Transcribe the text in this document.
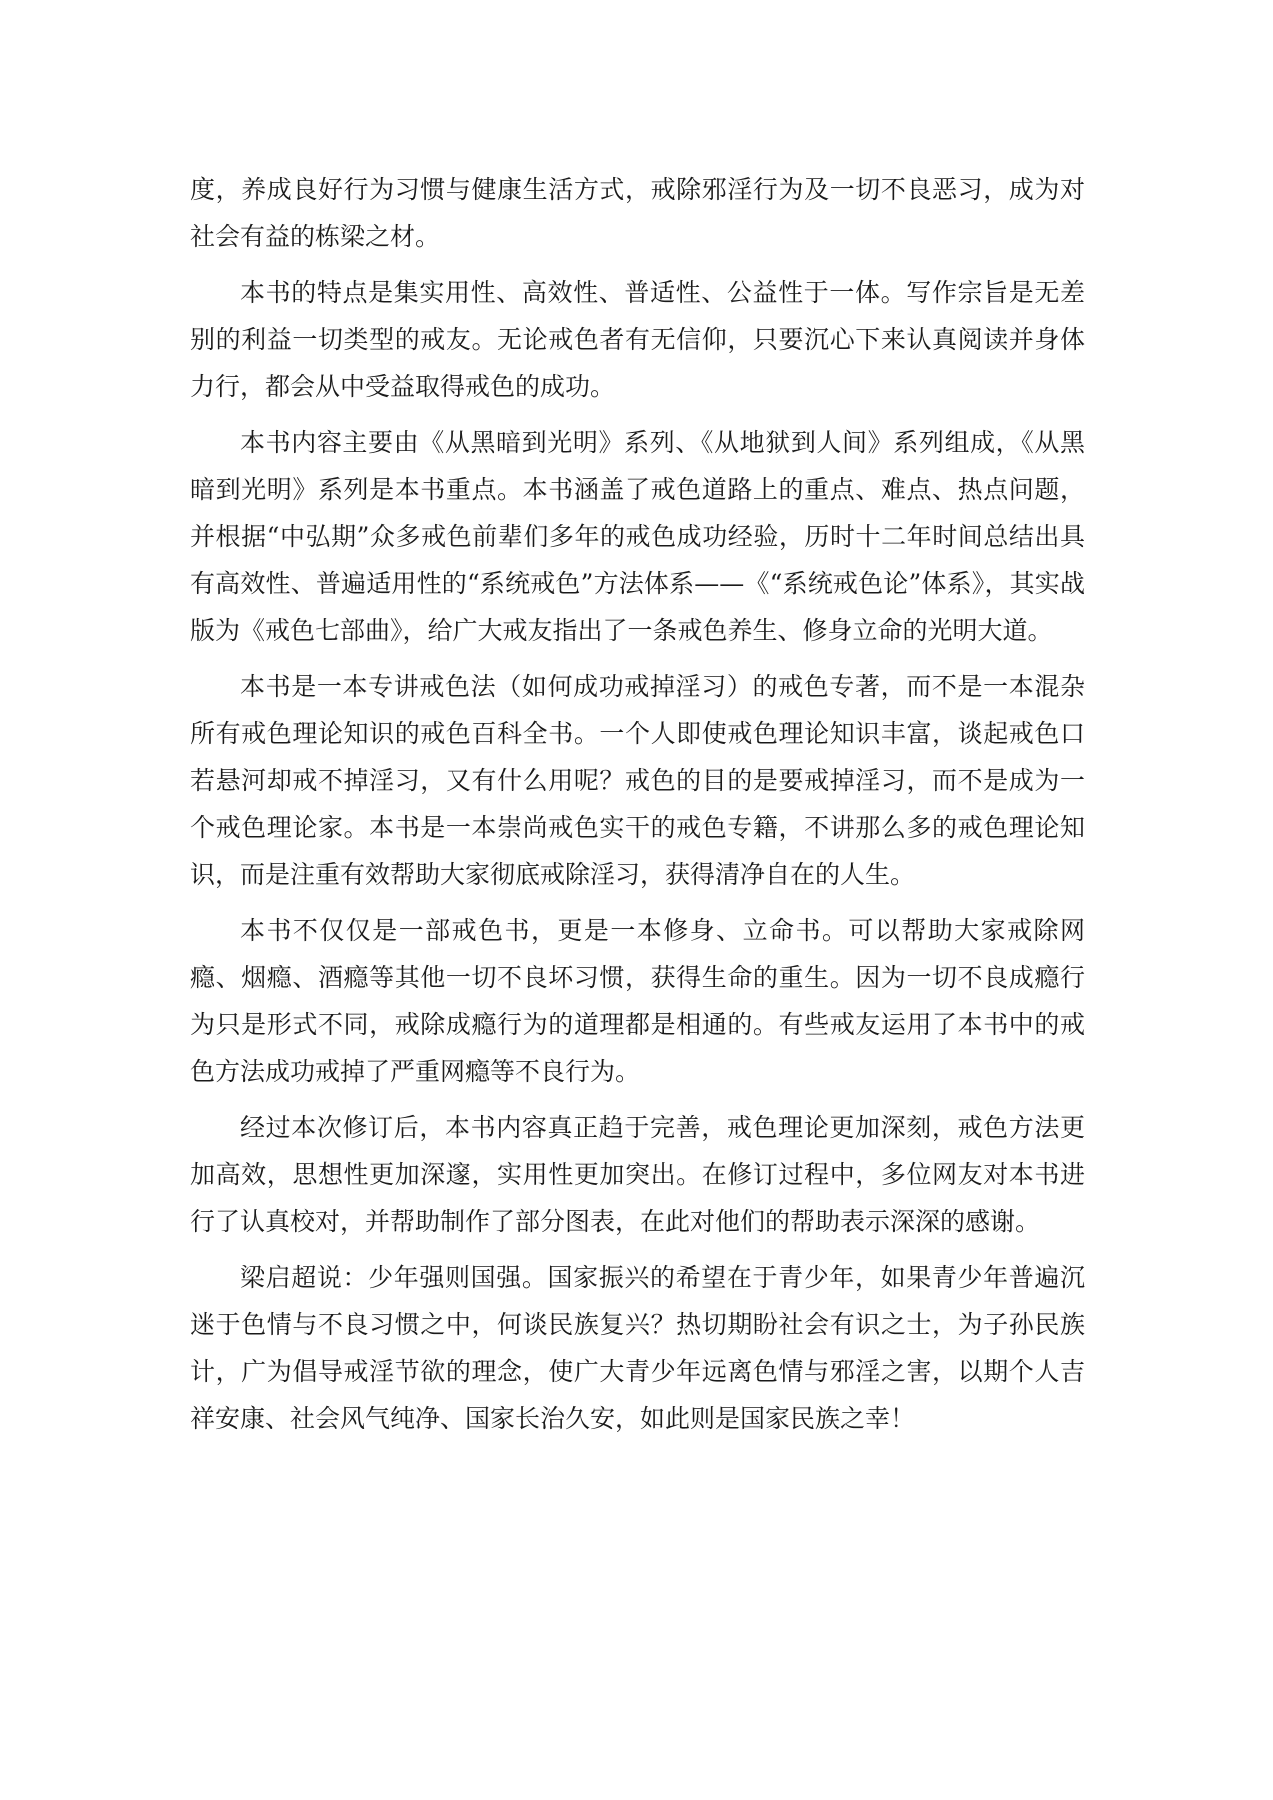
度，养成良好行为习惯与健康生活方式，戒除邪淫行为及一切不良恶习，成为对社会有益的栋梁之材。

本书的特点是集实用性、高效性、普适性、公益性于一体。写作宗旨是无差别的利益一切类型的戒友。无论戒色者有无信仰，只要沉心下来认真阅读并身体力行，都会从中受益取得戒色的成功。

本书内容主要由《从黑暗到光明》系列、《从地狱到人间》系列组成，《从黑暗到光明》系列是本书重点。本书涵盖了戒色道路上的重点、难点、热点问题，并根据“中弘期”众多戒色前辈们多年的戒色成功经验，历时十二年时间总结出具有高效性、普遍适用性的“系统戒色”方法体系——《“系统戒色论”体系》，其实战版为《戒色七部曲》，给广大戒友指出了一条戒色养生、修身立命的光明大道。

本书是一本专讲戒色法（如何成功戒掉淫习）的戒色专著，而不是一本混杂所有戒色理论知识的戒色百科全书。一个人即使戒色理论知识丰富，谈起戒色口若悬河却戒不掉淫习，又有什么用呢？戒色的目的是要戒掉淫习，而不是成为一个戒色理论家。本书是一本崇尚戒色实干的戒色专籍，不讲那么多的戒色理论知识，而是注重有效帮助大家彻底戒除淫习，获得清净自在的人生。

本书不仅仅是一部戒色书，更是一本修身、立命书。可以帮助大家戒除网瘾、烟瘾、酒瘾等其他一切不良坏习惯，获得生命的重生。因为一切不良成瘾行为只是形式不同，戒除成瘾行为的道理都是相通的。有些戒友运用了本书中的戒色方法成功戒掉了严重网瘾等不良行为。

经过本次修订后，本书内容真正趋于完善，戒色理论更加深刻，戒色方法更加高效，思想性更加深邃，实用性更加突出。在修订过程中，多位网友对本书进行了认真校对，并帮助制作了部分图表，在此对他们的帮助表示深深的感谢。

梁启超说：少年强则国强。国家振兴的希望在于青少年，如果青少年普遍沉迷于色情与不良习惯之中，何谈民族复兴？热切期盼社会有识之士，为子孙民族计，广为倡导戒淫节欲的理念，使广大青少年远离色情与邪淫之害，以期个人吉祥安康、社会风气纯净、国家长治久安，如此则是国家民族之幸！
